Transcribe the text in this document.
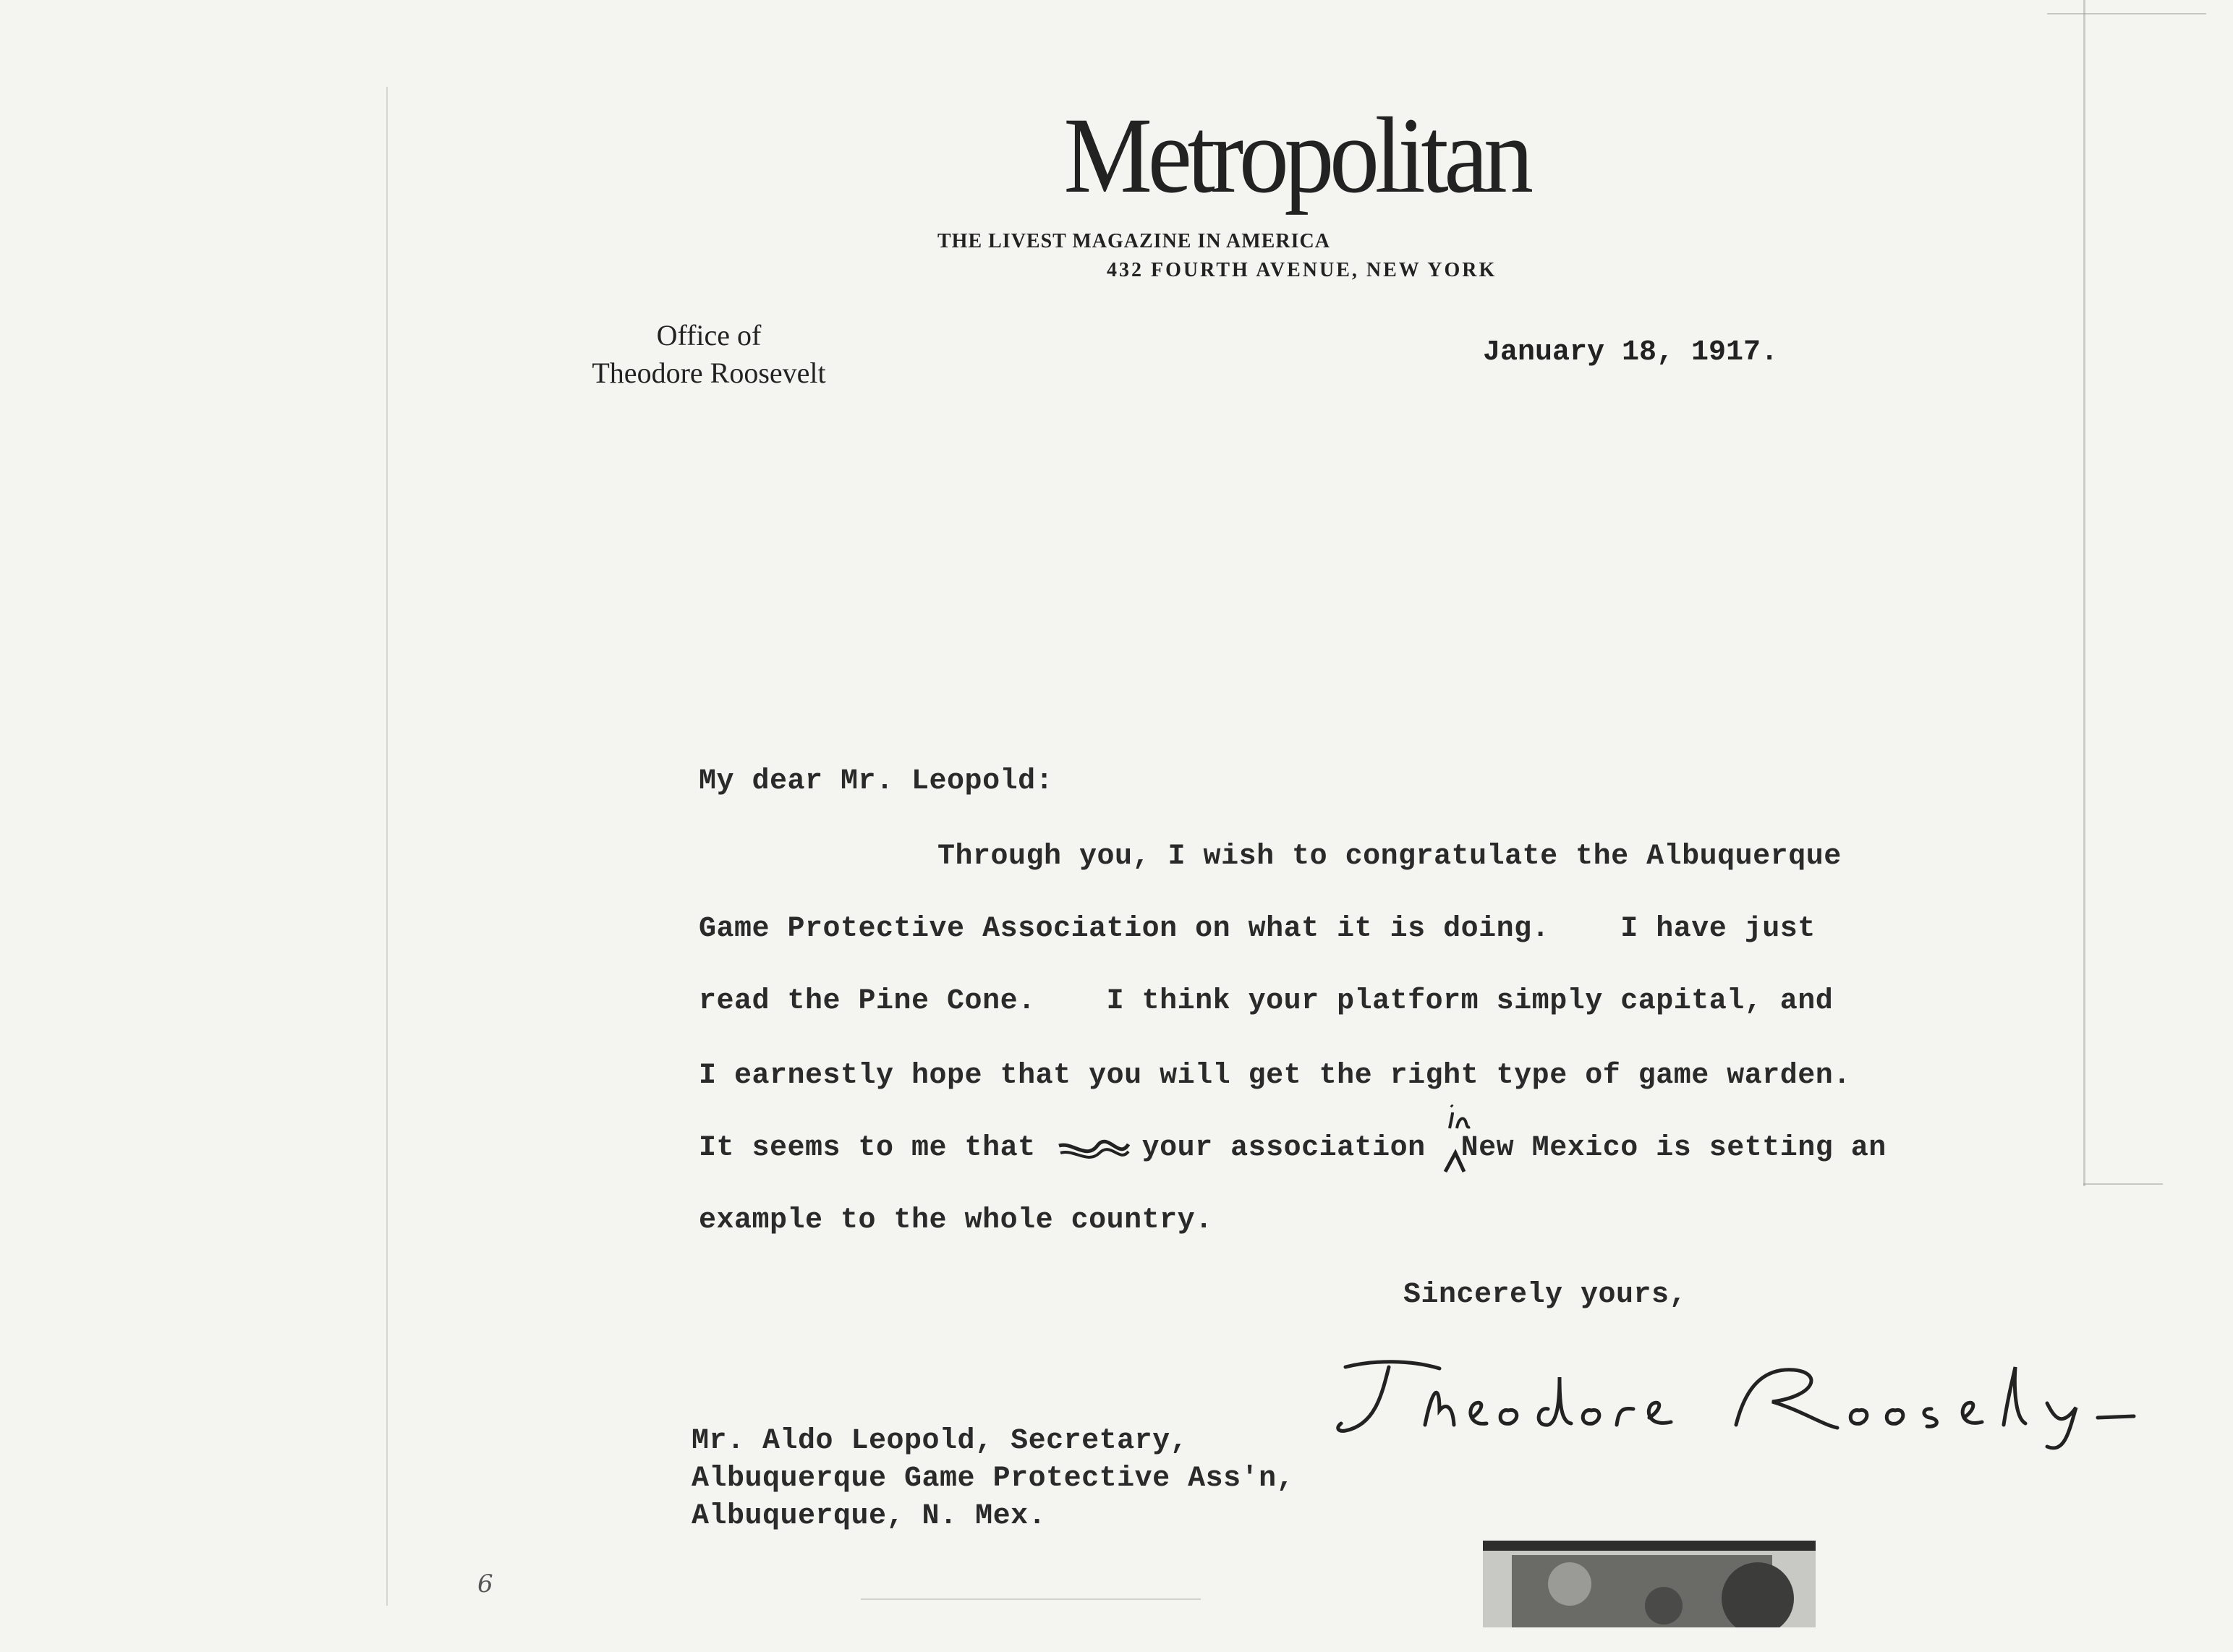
Metropolitan
THE LIVEST MAGAZINE IN AMERICA
432 FOURTH AVENUE, NEW YORK
Office of
Theodore Roosevelt
January 18, 1917.
My dear Mr. Leopold:
Through you, I wish to congratulate the Albuquerque
Game Protective Association on what it is doing.    I have just
read the Pine Cone.    I think your platform simply capital, and
I earnestly hope that you will get the right type of game warden.
It seems to me that      your association  New Mexico is setting an
example to the whole country.
Sincerely yours,
Mr. Aldo Leopold, Secretary,
Albuquerque Game Protective Ass'n,
Albuquerque, N. Mex.
6
